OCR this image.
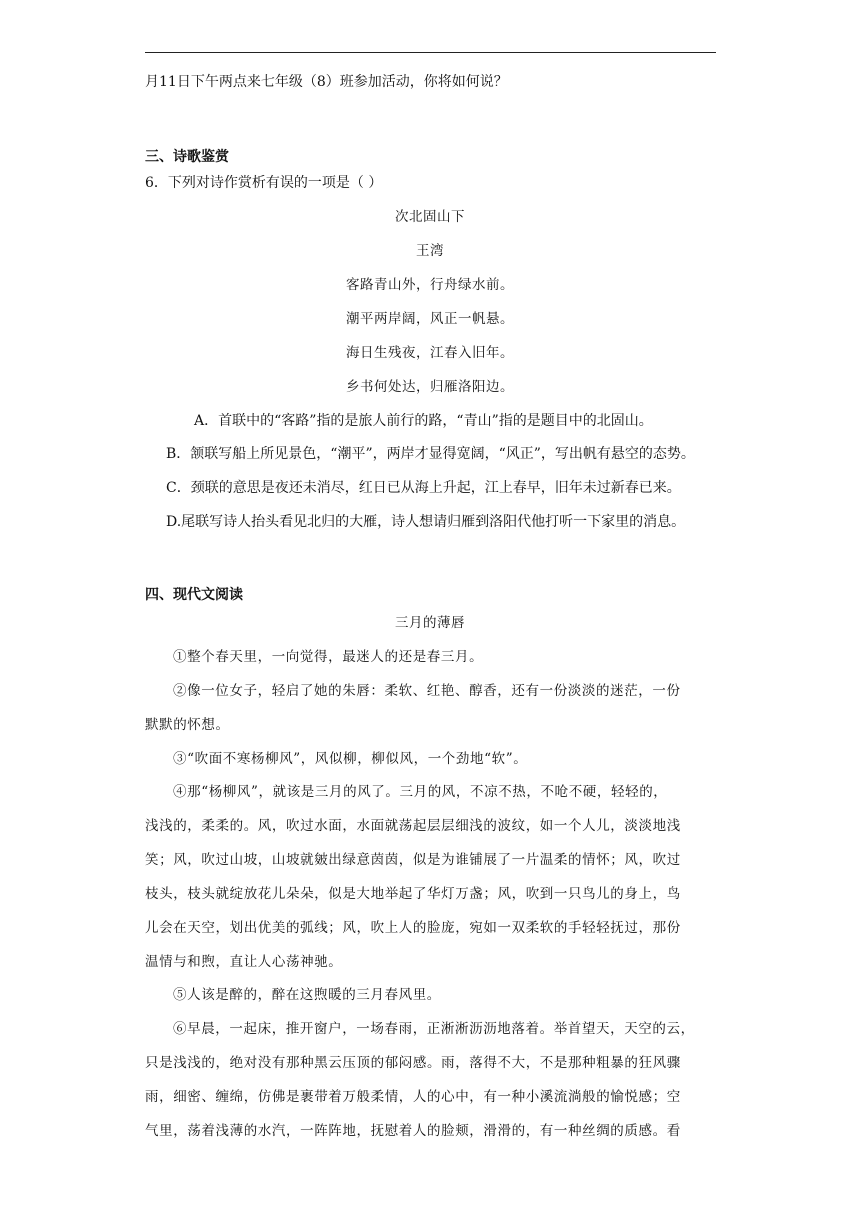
月11日下午两点来七年级（8）班参加活动，你将如何说？
三、诗歌鉴赏
6．下列对诗作赏析有误的一项是（ ）
次北固山下
王湾
客路青山外，行舟绿水前。
潮平两岸阔，风正一帆悬。
海日生残夜，江春入旧年。
乡书何处达，归雁洛阳边。
A．首联中的“客路”指的是旅人前行的路，“青山”指的是题目中的北固山。
B．颔联写船上所见景色，“潮平”，两岸才显得宽阔，“风正”，写出帆有悬空的态势。
C．颈联的意思是夜还未消尽，红日已从海上升起，江上春早，旧年未过新春已来。
D.尾联写诗人抬头看见北归的大雁，诗人想请归雁到洛阳代他打听一下家里的消息。
四、现代文阅读
三月的薄唇
①整个春天里，一向觉得，最迷人的还是春三月。
②像一位女子，轻启了她的朱唇：柔软、红艳、醇香，还有一份淡淡的迷茫，一份
默默的怀想。
③“吹面不寒杨柳风”，风似柳，柳似风，一个劲地“软”。
④那“杨柳风”，就该是三月的风了。三月的风，不凉不热，不呛不硬，轻轻的，
浅浅的，柔柔的。风，吹过水面，水面就荡起层层细浅的波纹，如一个人儿，淡淡地浅
笑；风，吹过山坡，山坡就皴出绿意茵茵，似是为谁铺展了一片温柔的情怀；风，吹过
枝头，枝头就绽放花儿朵朵，似是大地举起了华灯万盏；风，吹到一只鸟儿的身上，鸟
儿会在天空，划出优美的弧线；风，吹上人的脸庞，宛如一双柔软的手轻轻抚过，那份
温情与和煦，直让人心荡神驰。
⑤人该是醉的，醉在这煦暖的三月春风里。
⑥早晨，一起床，推开窗户，一场春雨，正淅淅沥沥地落着。举首望天，天空的云，
只是浅浅的，绝对没有那种黑云压顶的郁闷感。雨，落得不大，不是那种粗暴的狂风骤
雨，细密、缠绵，仿佛是裹带着万般柔情，人的心中，有一种小溪流淌般的愉悦感；空
气里，荡着浅薄的水汽，一阵阵地，抚慰着人的脸颊，滑滑的，有一种丝绸的质感。看
